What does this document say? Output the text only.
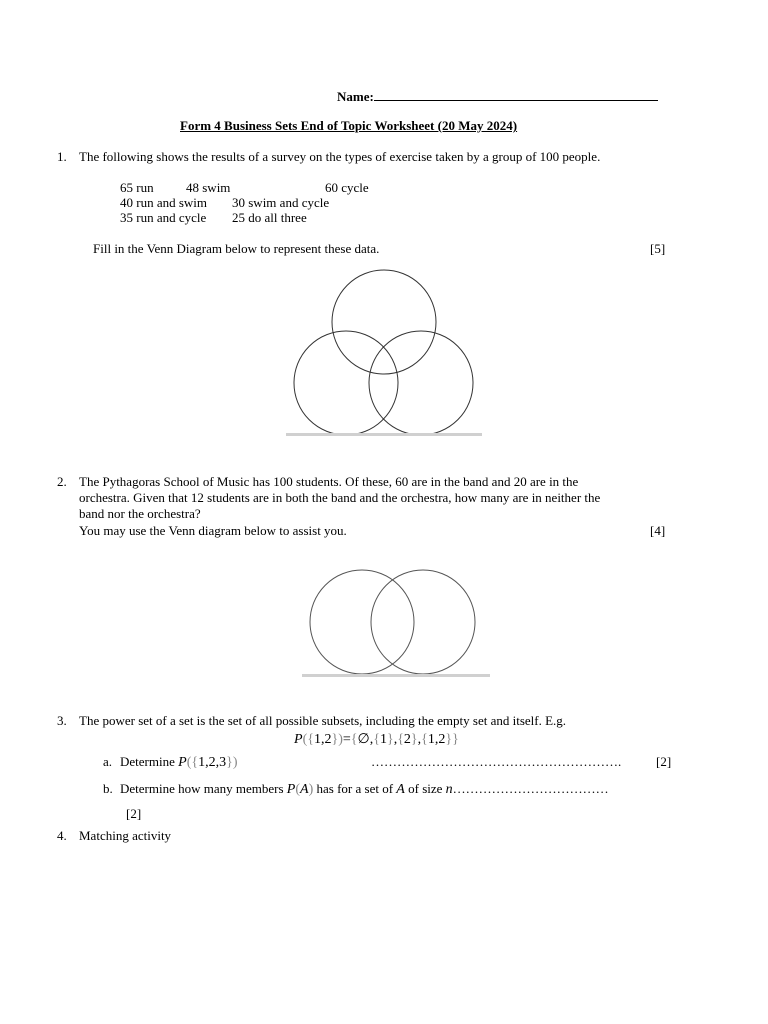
Name:
Form 4 Business Sets End of Topic Worksheet (20 May 2024)
1. The following shows the results of a survey on the types of exercise taken by a group of 100 people.
65 run 48 swim	60 cycle
40 run and swim 30 swim and cycle
35 run and cycle 25 do all three
Fill in the Venn Diagram below to represent these data.	[5]
2. The Pythagoras School of Music has 100 students. Of these, 60 are in the band and 20 are in the
orchestra. Given that 12 students are in both the band and the orchestra, how many are in neither the
band nor the orchestra?
You may use the Venn diagram below to assist you.	[4]
3. The power set of a set is the set of all possible subsets, including the empty set and itself. E.g.
P({1,2})={∅,{1},{2},{1,2}}
a. Determine P({1,2,3})	………………………………………………….	[2]
b. Determine how many members P(A) has for a set of A of size n………………………………
[2]
4. Matching activity
